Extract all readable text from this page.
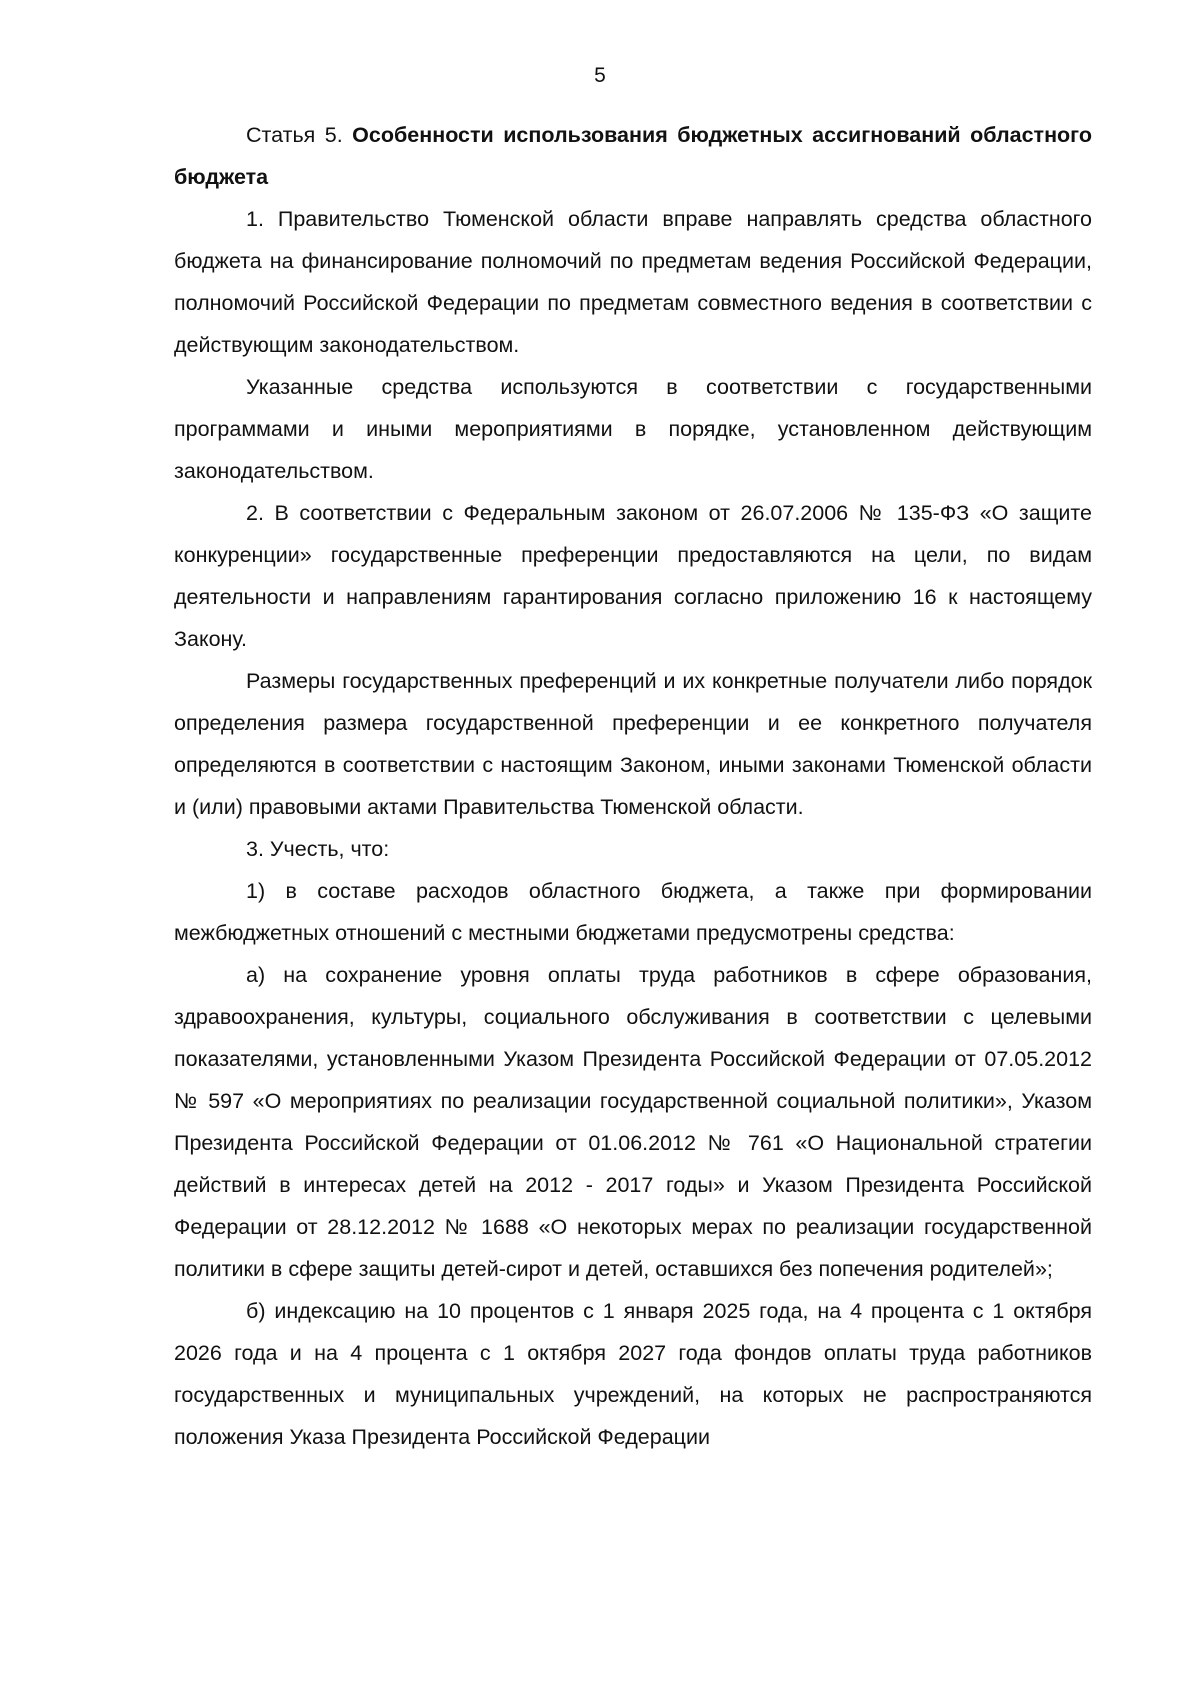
5

Статья 5. Особенности использования бюджетных ассигнований областного бюджета

1. Правительство Тюменской области вправе направлять средства областного бюджета на финансирование полномочий по предметам ведения Российской Федерации, полномочий Российской Федерации по предметам совместного ведения в соответствии с действующим законодательством.

Указанные средства используются в соответствии с государственными программами и иными мероприятиями в порядке, установленном действующим законодательством.

2. В соответствии с Федеральным законом от 26.07.2006 № 135-ФЗ «О защите конкуренции» государственные преференции предоставляются на цели, по видам деятельности и направлениям гарантирования согласно приложению 16 к настоящему Закону.

Размеры государственных преференций и их конкретные получатели либо порядок определения размера государственной преференции и ее конкретного получателя определяются в соответствии с настоящим Законом, иными законами Тюменской области и (или) правовыми актами Правительства Тюменской области.

3. Учесть, что:

1) в составе расходов областного бюджета, а также при формировании межбюджетных отношений с местными бюджетами предусмотрены средства:

а) на сохранение уровня оплаты труда работников в сфере образования, здравоохранения, культуры, социального обслуживания в соответствии с целевыми показателями, установленными Указом Президента Российской Федерации от 07.05.2012 № 597 «О мероприятиях по реализации государственной социальной политики», Указом Президента Российской Федерации от 01.06.2012 № 761 «О Национальной стратегии действий в интересах детей на 2012 - 2017 годы» и Указом Президента Российской Федерации от 28.12.2012 № 1688 «О некоторых мерах по реализации государственной политики в сфере защиты детей-сирот и детей, оставшихся без попечения родителей»;

б) индексацию на 10 процентов с 1 января 2025 года, на 4 процента с 1 октября 2026 года и на 4 процента с 1 октября 2027 года фондов оплаты труда работников государственных и муниципальных учреждений, на которых не распространяются положения Указа Президента Российской Федерации
